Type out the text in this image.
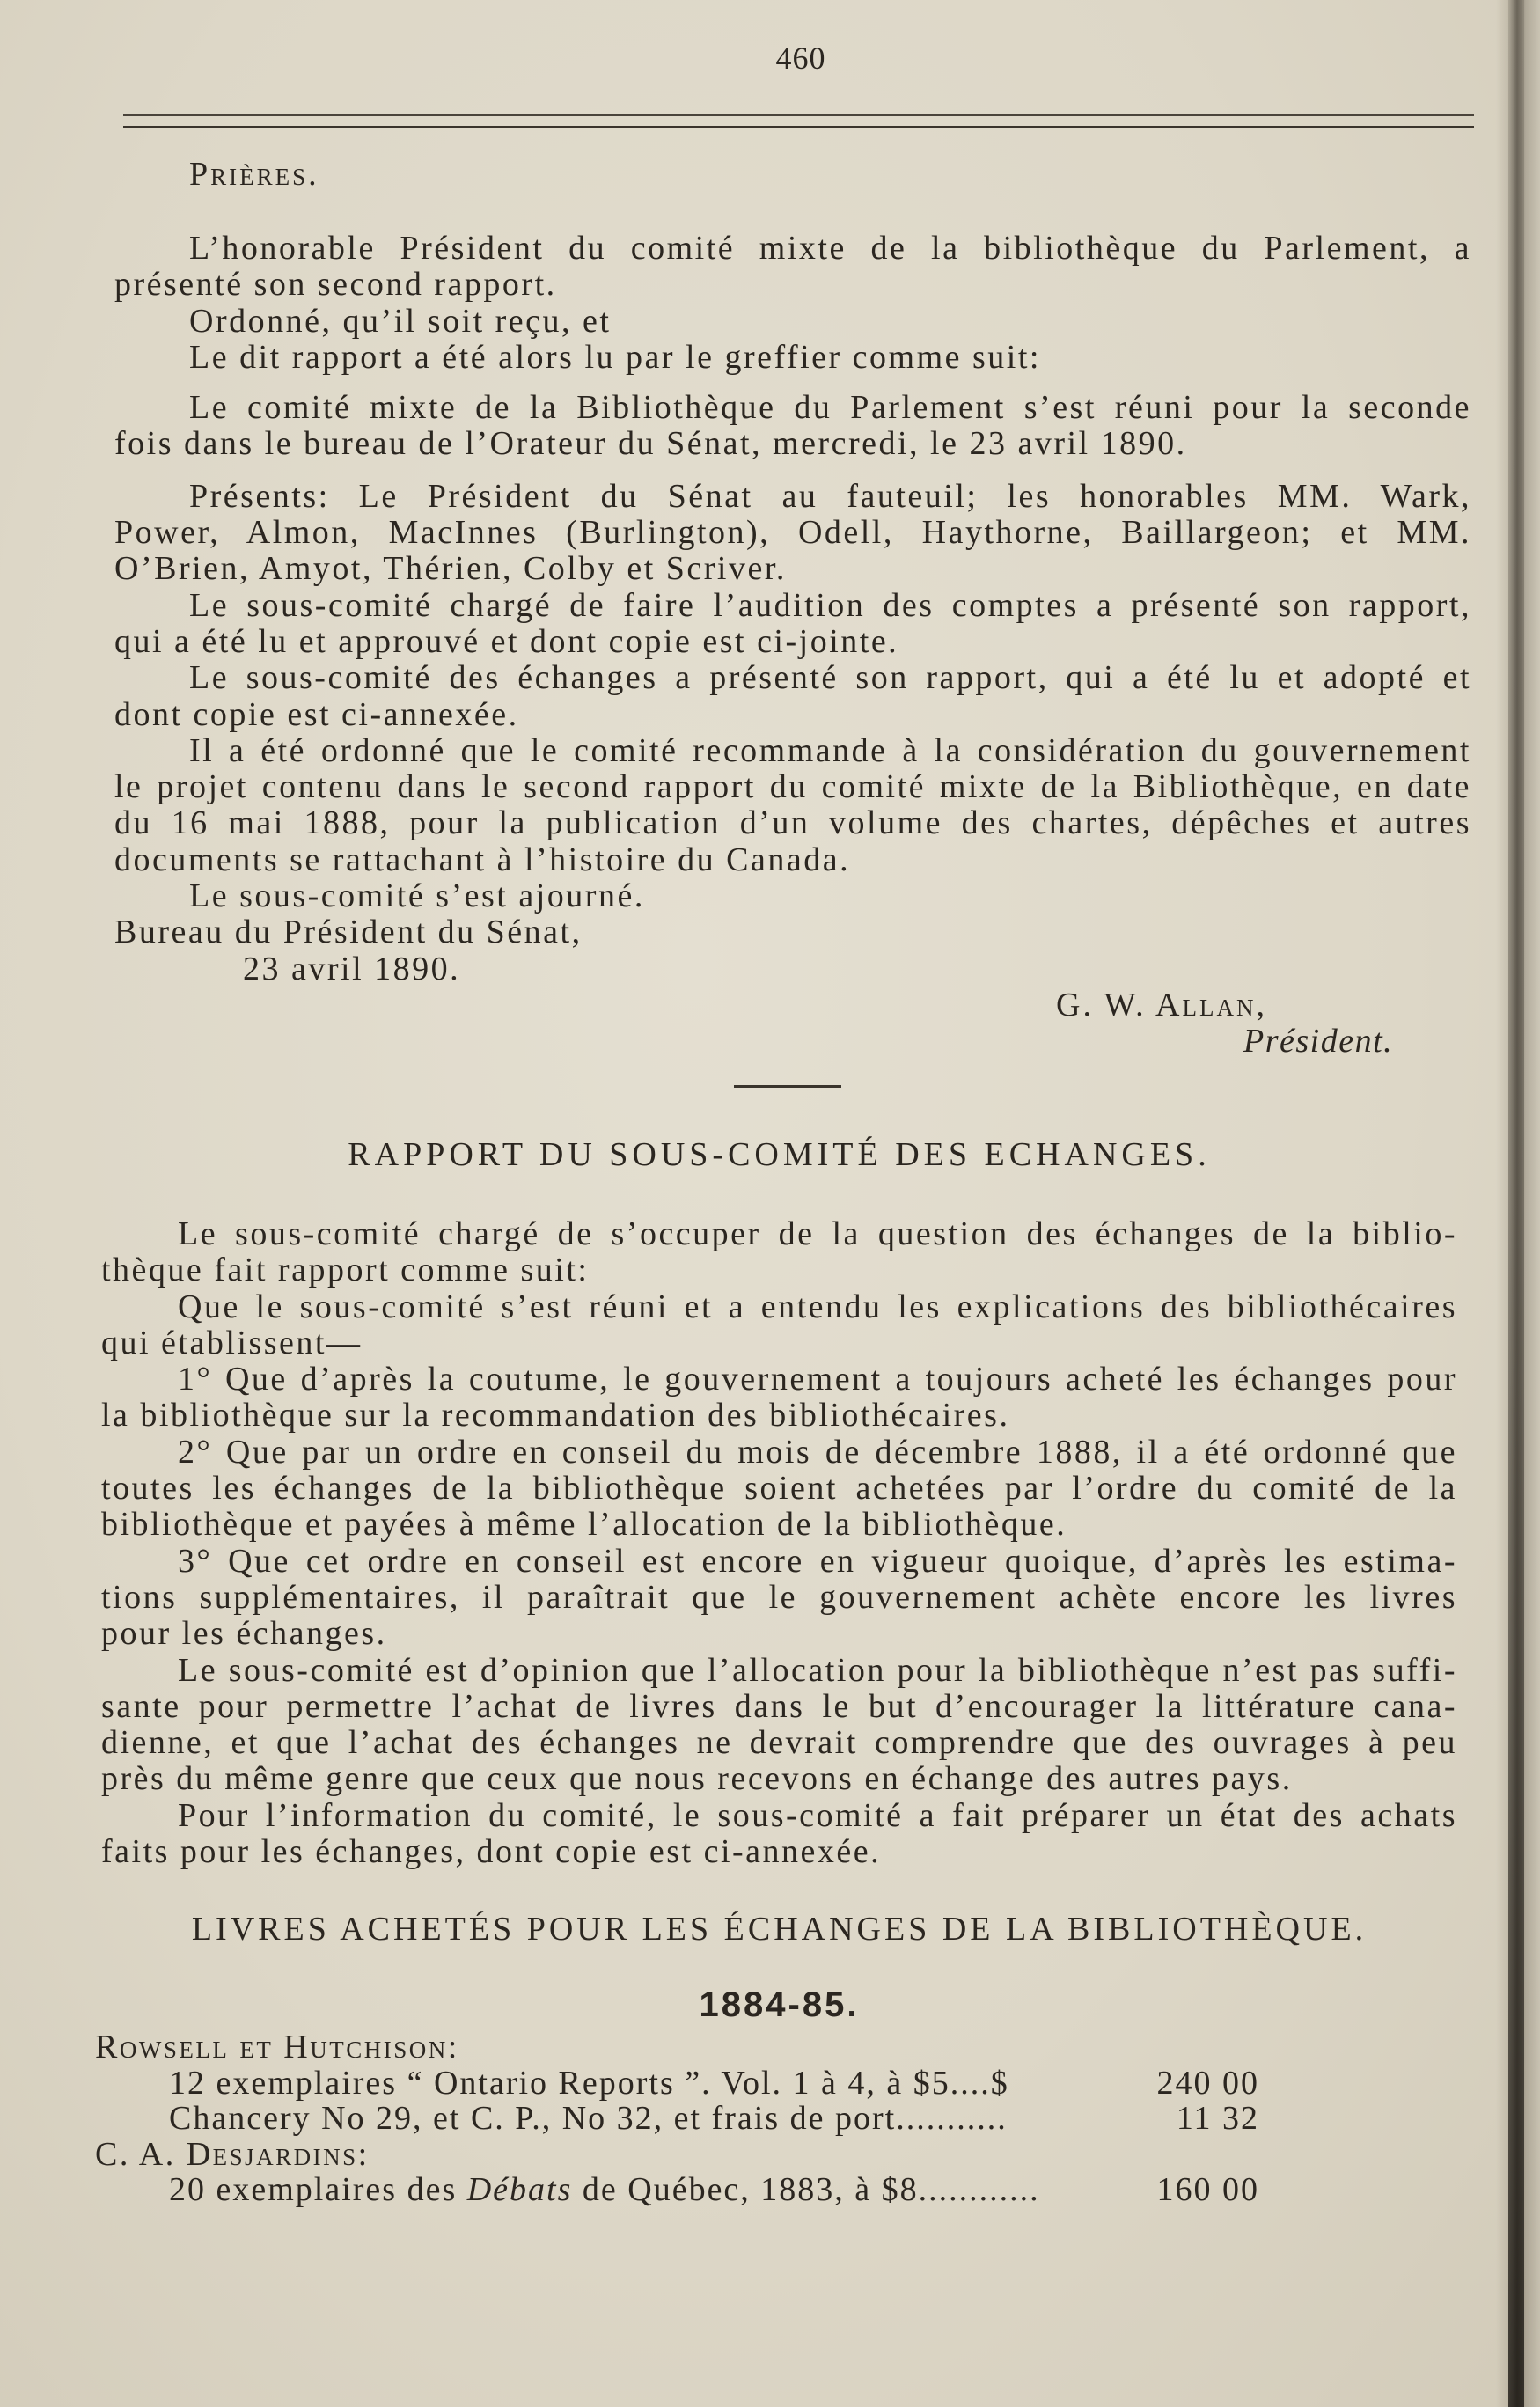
460
Prières.
L’honorable Président du comité mixte de la bibliothèque du Parlement, a
présenté son second rapport.
Ordonné, qu’il soit reçu, et
Le dit rapport a été alors lu par le greffier comme suit:
Le comité mixte de la Bibliothèque du Parlement s’est réuni pour la seconde
fois dans le bureau de l’Orateur du Sénat, mercredi, le 23 avril 1890.
Présents: Le Président du Sénat au fauteuil; les honorables MM. Wark,
Power, Almon, MacInnes (Burlington), Odell, Haythorne, Baillargeon; et MM.
O’Brien, Amyot, Thérien, Colby et Scriver.
Le sous-comité chargé de faire l’audition des comptes a présenté son rapport,
qui a été lu et approuvé et dont copie est ci-jointe.
Le sous-comité des échanges a présenté son rapport, qui a été lu et adopté et
dont copie est ci-annexée.
Il a été ordonné que le comité recommande à la considération du gouvernement
le projet contenu dans le second rapport du comité mixte de la Bibliothèque, en date
du 16 mai 1888, pour la publication d’un volume des chartes, dépêches et autres
documents se rattachant à l’histoire du Canada.
Le sous-comité s’est ajourné.
Bureau du Président du Sénat,
23 avril 1890.
G. W. Allan,
Président.
RAPPORT DU SOUS-COMITÉ DES ECHANGES.
Le sous-comité chargé de s’occuper de la question des échanges de la biblio-
thèque fait rapport comme suit:
Que le sous-comité s’est réuni et a entendu les explications des bibliothécaires
qui établissent—
1° Que d’après la coutume, le gouvernement a toujours acheté les échanges pour
la bibliothèque sur la recommandation des bibliothécaires.
2° Que par un ordre en conseil du mois de décembre 1888, il a été ordonné que
toutes les échanges de la bibliothèque soient achetées par l’ordre du comité de la
bibliothèque et payées à même l’allocation de la bibliothèque.
3° Que cet ordre en conseil est encore en vigueur quoique, d’après les estima-
tions supplémentaires, il paraîtrait que le gouvernement achète encore les livres
pour les échanges.
Le sous-comité est d’opinion que l’allocation pour la bibliothèque n’est pas suffi-
sante pour permettre l’achat de livres dans le but d’encourager la littérature cana-
dienne, et que l’achat des échanges ne devrait comprendre que des ouvrages à peu
près du même genre que ceux que nous recevons en échange des autres pays.
Pour l’information du comité, le sous-comité a fait préparer un état des achats
faits pour les échanges, dont copie est ci-annexée.
LIVRES ACHETÉS POUR LES ÉCHANGES DE LA BIBLIOTHÈQUE.
1884-85.
Rowsell et Hutchison:
12 exemplaires “ Ontario Reports ”. Vol. 1 à 4, à $5....$	240 00
Chancery No 29, et C. P., No 32, et frais de port...........	11 32
C. A. Desjardins:
20 exemplaires des Débats de Québec, 1883, à $8............	160 00
